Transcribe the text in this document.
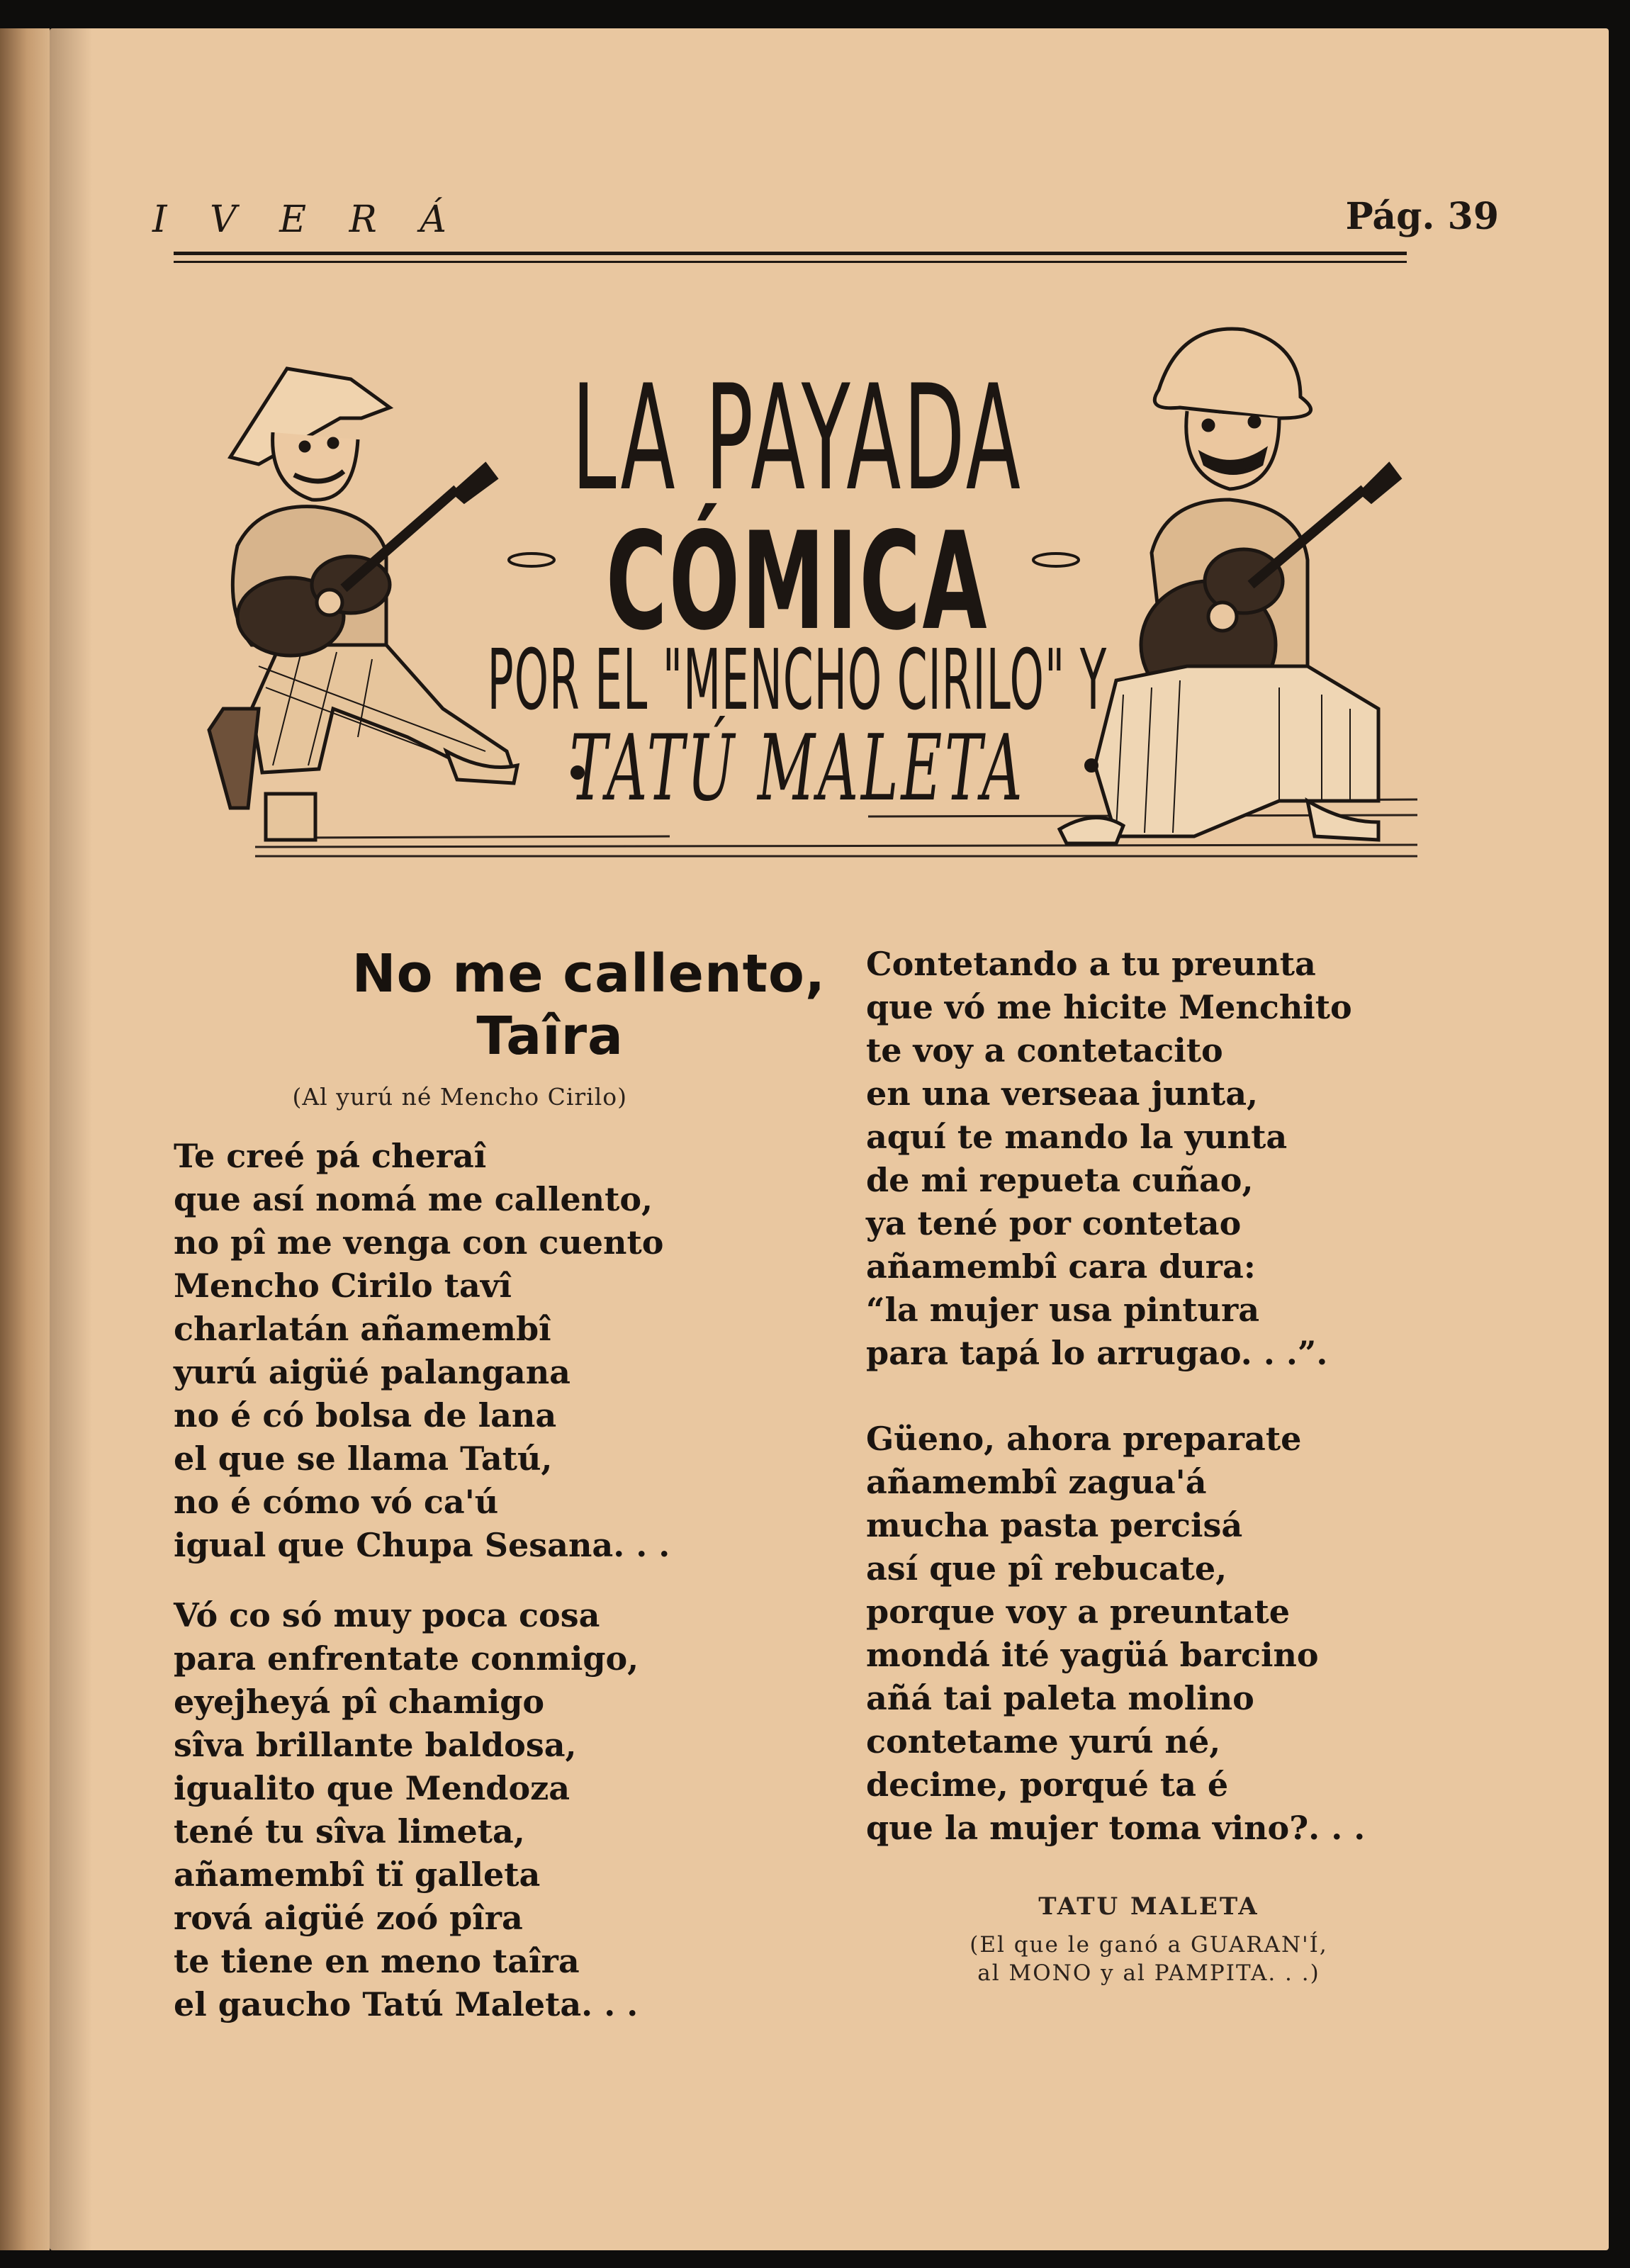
I V E R Á	Pág. 39
LA PAYADA
CÓMICA
POR EL "MENCHO CIRILO" Y
TATÚ MALETA
No me callento,
Taîra
(Al yurú né Mencho Cirilo)
Te creé pá cheraî
que así nomá me callento,
no pî me venga con cuento
Mencho Cirilo tavî
charlatán añamembî
yurú aigüé palangana
no é có bolsa de lana
el que se llama Tatú,
no é cómo vó ca'ú
igual que Chupa Sesana. . .
Vó co só muy poca cosa
para enfrentate conmigo,
eyejheyá pî chamigo
sîva brillante baldosa,
igualito que Mendoza
tené tu sîva limeta,
añamembî tï galleta
rová aigüé zoó pîra
te tiene en meno taîra
el gaucho Tatú Maleta. . .
Contetando a tu preunta
que vó me hicite Menchito
te voy a contetacito
en una verseaa junta,
aquí te mando la yunta
de mi repueta cuñao,
ya tené por contetao
añamembî cara dura:
“la mujer usa pintura
para tapá lo arrugao. . .”.
Güeno, ahora preparate
añamembî zagua'á
mucha pasta percisá
así que pî rebucate,
porque voy a preuntate
mondá ité yagüá barcino
añá tai paleta molino
contetame yurú né,
decime, porqué ta é
que la mujer toma vino?. . .
TATU MALETA
(El que le ganó a GUARAN'Í,
al MONO y al PAMPITA. . .)
